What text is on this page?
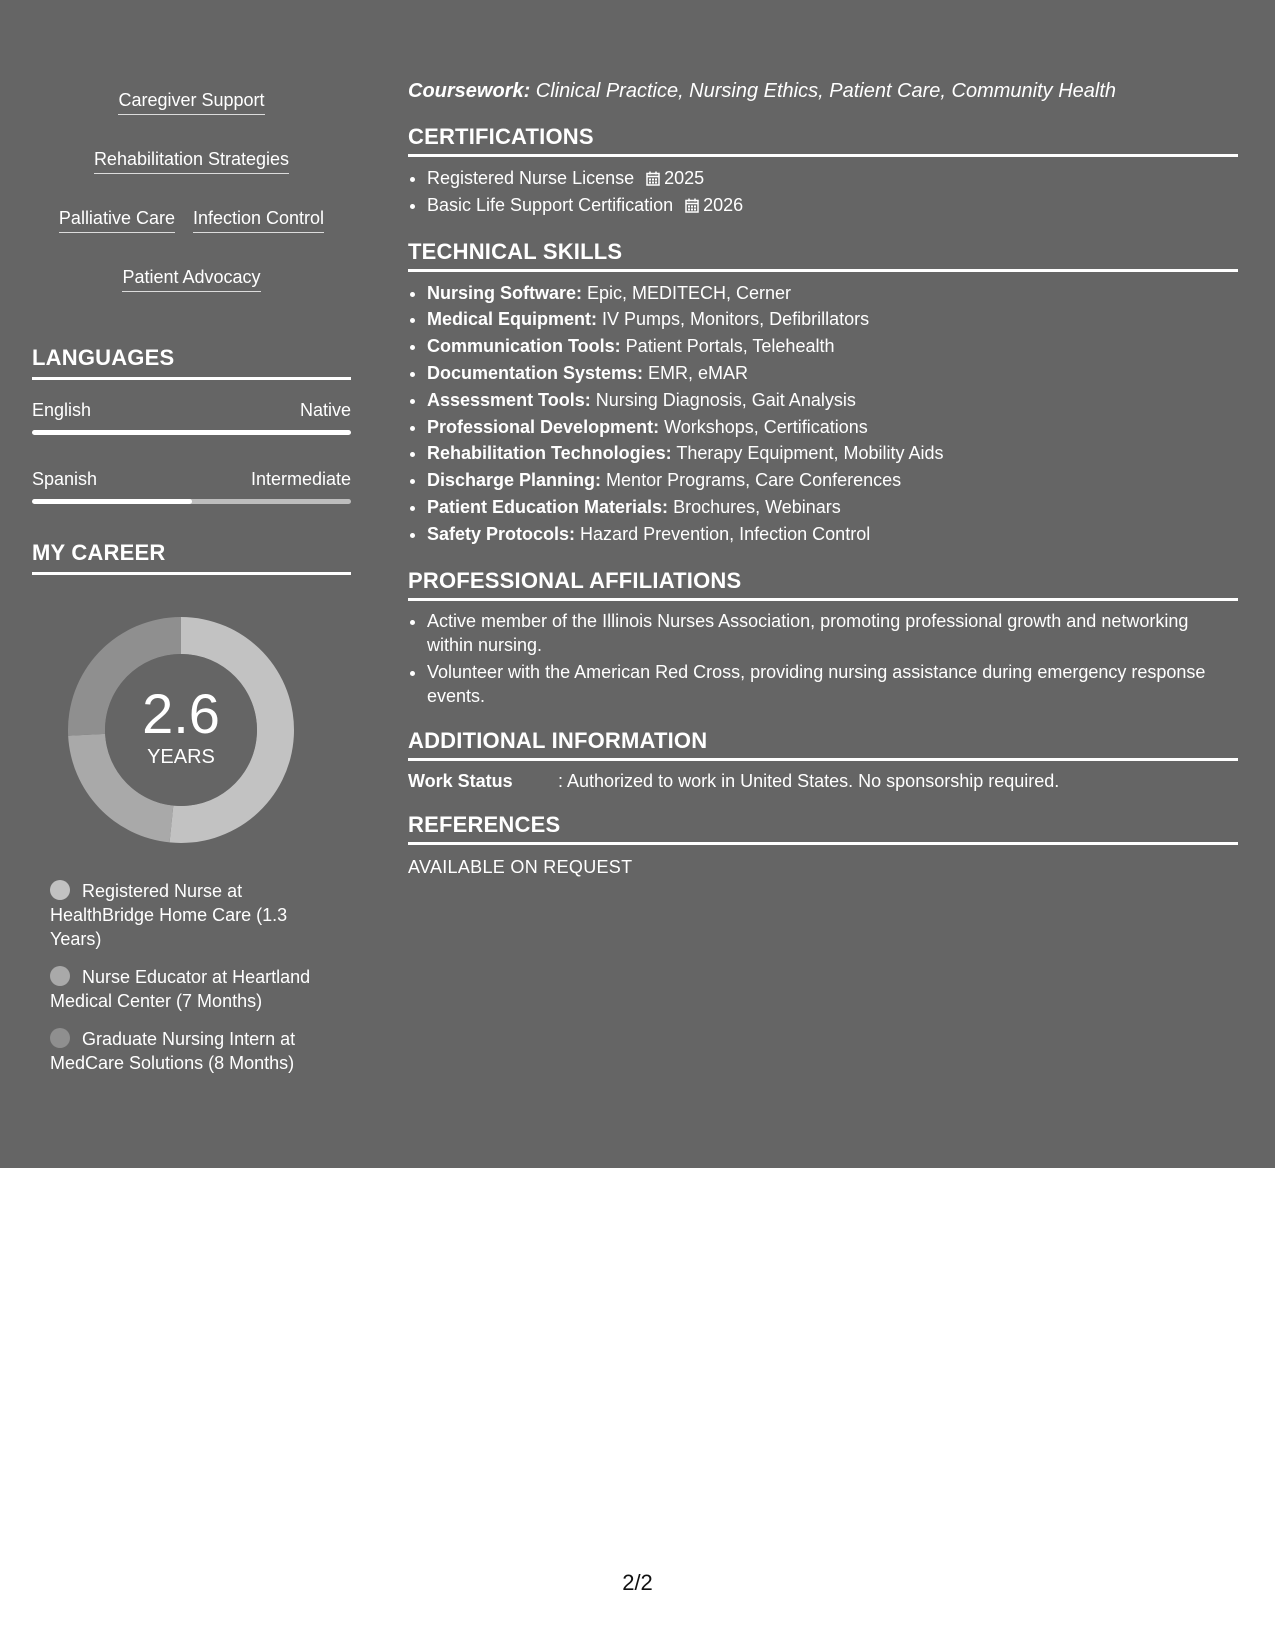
Caregiver Support
Rehabilitation Strategies
Palliative Care Infection Control
Patient Advocacy
LANGUAGES
English	Native
Spanish	Intermediate
MY CAREER
2.6
YEARS
Registered Nurse at HealthBridge Home Care (1.3 Years)
Nurse Educator at Heartland Medical Center (7 Months)
Graduate Nursing Intern at MedCare Solutions (8 Months)
Coursework: Clinical Practice, Nursing Ethics, Patient Care, Community Health
CERTIFICATIONS
• Registered Nurse License 2025
• Basic Life Support Certification 2026
TECHNICAL SKILLS
• Nursing Software: Epic, MEDITECH, Cerner
• Medical Equipment: IV Pumps, Monitors, Defibrillators
• Communication Tools: Patient Portals, Telehealth
• Documentation Systems: EMR, eMAR
• Assessment Tools: Nursing Diagnosis, Gait Analysis
• Professional Development: Workshops, Certifications
• Rehabilitation Technologies: Therapy Equipment, Mobility Aids
• Discharge Planning: Mentor Programs, Care Conferences
• Patient Education Materials: Brochures, Webinars
• Safety Protocols: Hazard Prevention, Infection Control
PROFESSIONAL AFFILIATIONS
• Active member of the Illinois Nurses Association, promoting professional growth and networking within nursing.
• Volunteer with the American Red Cross, providing nursing assistance during emergency response events.
ADDITIONAL INFORMATION
Work Status	: Authorized to work in United States. No sponsorship required.
REFERENCES
AVAILABLE ON REQUEST
2/2
